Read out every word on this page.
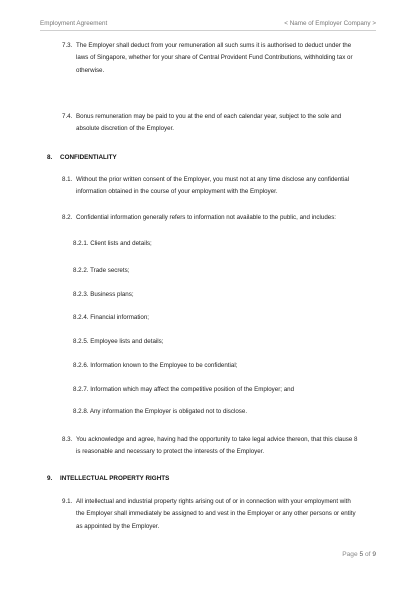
Employment Agreement	< Name of Employer Company >
7.3. The Employer shall deduct from your remuneration all such sums it is authorised to deduct under the
laws of Singapore, whether for your share of Central Provident Fund Contributions, withholding tax or
otherwise.
7.4. Bonus remuneration may be paid to you at the end of each calendar year, subject to the sole and
absolute discretion of the Employer.
8. CONFIDENTIALITY
8.1. Without the prior written consent of the Employer, you must not at any time disclose any confidential
information obtained in the course of your employment with the Employer.
8.2. Confidential information generally refers to information not available to the public, and includes:
8.2.1. Client lists and details;
8.2.2. Trade secrets;
8.2.3. Business plans;
8.2.4. Financial information;
8.2.5. Employee lists and details;
8.2.6. Information known to the Employee to be confidential;
8.2.7. Information which may affect the competitive position of the Employer; and
8.2.8. Any information the Employer is obligated not to disclose.
8.3. You acknowledge and agree, having had the opportunity to take legal advice thereon, that this clause 8
is reasonable and necessary to protect the interests of the Employer.
9. INTELLECTUAL PROPERTY RIGHTS
9.1. All intellectual and industrial property rights arising out of or in connection with your employment with
the Employer shall immediately be assigned to and vest in the Employer or any other persons or entity
as appointed by the Employer.
Page 5 of 9
